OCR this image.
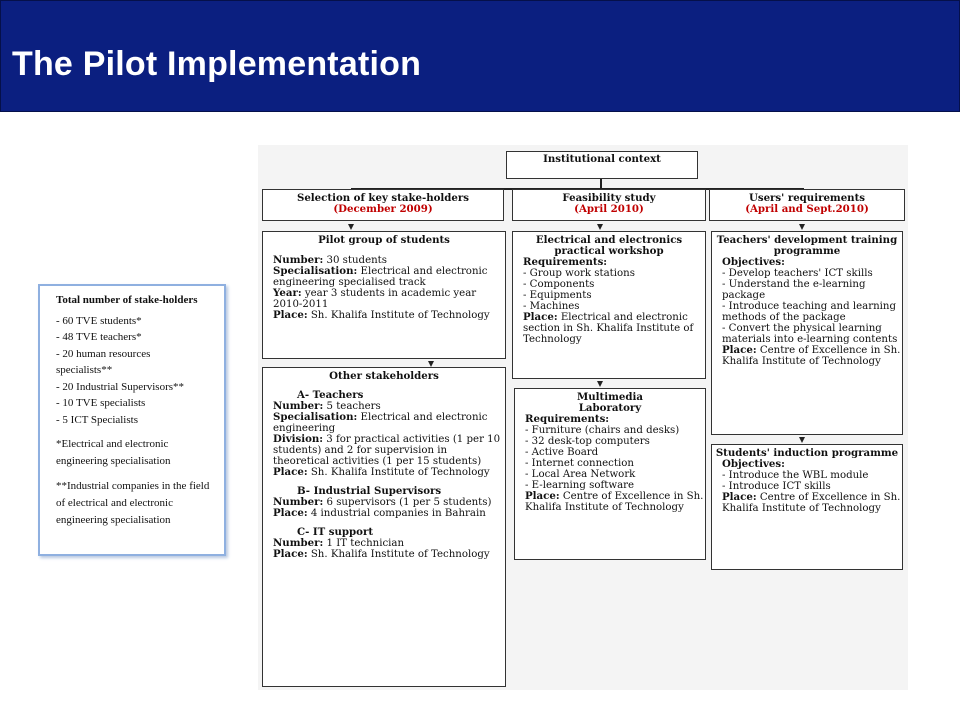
The Pilot Implementation
Total number of stake-holders
- 60 TVE students*
- 48 TVE teachers*
- 20 human resources
specialists**
- 20 Industrial Supervisors**
- 10 TVE specialists
- 5 ICT Specialists
*Electrical and electronic engineering specialisation
**Industrial companies in the field of electrical and electronic engineering specialisation
Institutional context
Selection of key stake-holders
(December 2009)
Feasibility study
(April 2010)
Users' requirements
(April and Sept.2010)
Pilot group of students
Number: 30 students
Specialisation: Electrical and electronic engineering specialised track
Year: year 3 students in academic year 2010-2011
Place: Sh. Khalifa Institute of Technology
Other stakeholders
A- Teachers
Number: 5 teachers
Specialisation: Electrical and electronic engineering
Division: 3 for practical activities (1 per 10 students) and 2 for supervision in theoretical activities (1 per 15 students)
Place: Sh. Khalifa Institute of Technology
B- Industrial Supervisors
Number: 6 supervisors (1 per 5 students)
Place: 4 industrial companies in Bahrain
C- IT support
Number: 1 IT technician
Place: Sh. Khalifa Institute of Technology
Electrical and electronics practical workshop
Requirements:
- Group work stations
- Components
- Equipments
- Machines
Place: Electrical and electronic section in Sh. Khalifa Institute of Technology
Multimedia Laboratory
Requirements:
- Furniture (chairs and desks)
- 32 desk-top computers
- Active Board
- Internet connection
- Local Area Network
- E-learning software
Place: Centre of Excellence in Sh. Khalifa Institute of Technology
Teachers' development training programme
Objectives:
- Develop teachers' ICT skills
- Understand the e-learning package
- Introduce teaching and learning methods of the package
- Convert the physical learning materials into e-learning contents
Place: Centre of Excellence in Sh. Khalifa Institute of Technology
Students' induction programme
Objectives:
- Introduce the WBL module
- Introduce ICT skills
Place: Centre of Excellence in Sh. Khalifa Institute of Technology
